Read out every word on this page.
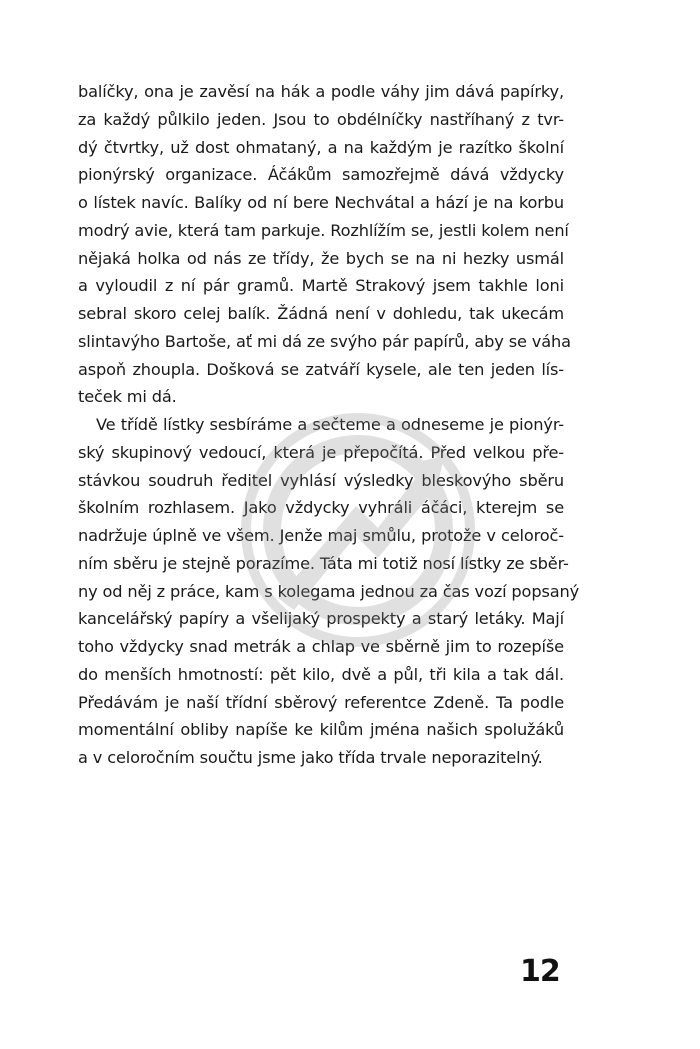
balíčky, ona je zavěsí na hák a podle váhy jim dává papírky,
za každý půlkilo jeden. Jsou to obdélníčky nastříhaný z tvr-
dý čtvrtky, už dost ohmataný, a na každým je razítko školní
pionýrský organizace. Áčákům samozřejmě dává vždycky
o lístek navíc. Balíky od ní bere Nechvátal a hází je na korbu
modrý avie, která tam parkuje. Rozhlížím se, jestli kolem není
nějaká holka od nás ze třídy, že bych se na ni hezky usmál
a vyloudil z ní pár gramů. Martě Strakový jsem takhle loni
sebral skoro celej balík. Žádná není v dohledu, tak ukecám
slintavýho Bartoše, ať mi dá ze svýho pár papírů, aby se váha
aspoň zhoupla. Došková se zatváří kysele, ale ten jeden lís-
teček mi dá.
Ve třídě lístky sesbíráme a sečteme a odneseme je pionýr-
ský skupinový vedoucí, která je přepočítá. Před velkou pře-
stávkou soudruh ředitel vyhlásí výsledky bleskovýho sběru
školním rozhlasem. Jako vždycky vyhráli áčáci, kterejm se
nadržuje úplně ve všem. Jenže maj smůlu, protože v celoroč-
ním sběru je stejně porazíme. Táta mi totiž nosí lístky ze sběr-
ny od něj z práce, kam s kolegama jednou za čas vozí popsaný
kancelářský papíry a všelijaký prospekty a starý letáky. Mají
toho vždycky snad metrák a chlap ve sběrně jim to rozepíše
do menších hmotností: pět kilo, dvě a půl, tři kila a tak dál.
Předávám je naší třídní sběrový referentce Zdeně. Ta podle
momentální obliby napíše ke kilům jména našich spolužáků
a v celoročním součtu jsme jako třída trvale neporazitelný.
12
